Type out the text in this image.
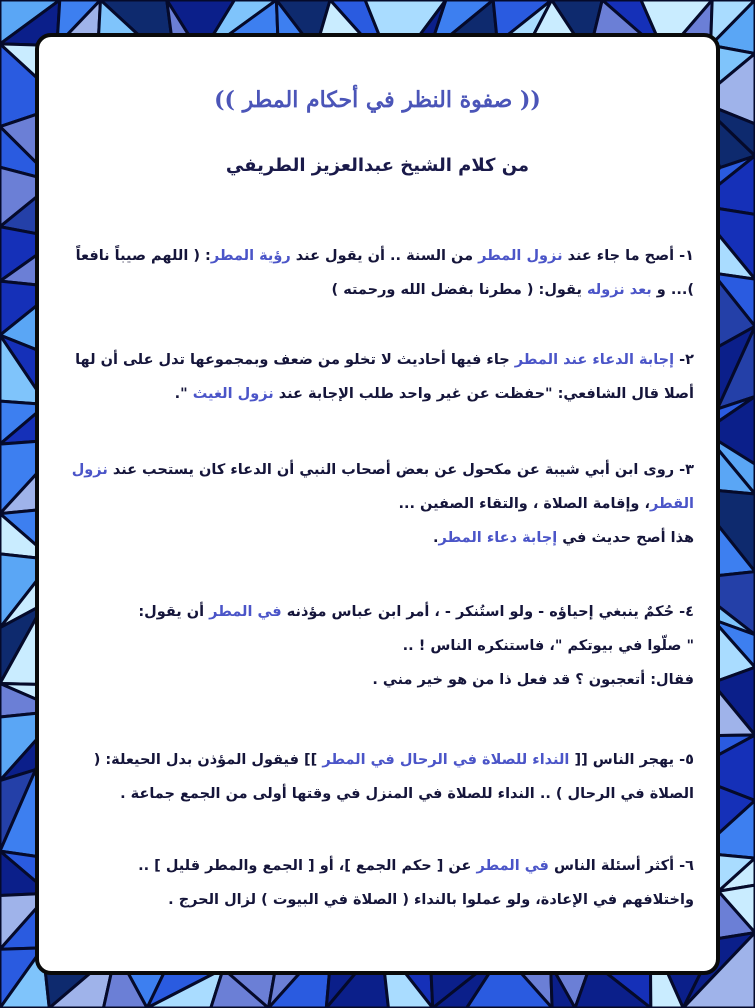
(( صفوة النظر في أحكام المطر ))
من كلام الشيخ عبدالعزيز الطريفي
١- أصح ما جاء عند نزول المطر من السنة .. أن يقول عند رؤية المطر: ( اللهم صيباً نافعاً )... و بعد نزوله يقول: ( مطرنا بفضل الله ورحمته )
٢- إجابة الدعاء عند المطر جاء فيها أحاديث لا تخلو من ضعف وبمجموعها تدل على أن لها أصلا قال الشافعي: "حفظت عن غير واحد طلب الإجابة عند نزول الغيث ".
٣- روى ابن أبي شيبة عن مكحول عن بعض أصحاب النبي أن الدعاء كان يستحب عند نزول القطر، وإقامة الصلاة ، والتقاء الصفين ...
هذا أصح حديث في إجابة دعاء المطر.
٤- حُكمٌ ينبغي إحياؤه - ولو استُنكر - ، أمر ابن عباس مؤذنه في المطر أن يقول:
" صلّوا في بيوتكم "، فاستنكره الناس ! ..
فقال: أتعجبون ؟ قد فعل ذا من هو خير مني .
٥- يهجر الناس [[ النداء للصلاة في الرحال في المطر ]] فيقول المؤذن بدل الحيعلة: ( الصلاة في الرحال ) .. النداء للصلاة في المنزل في وقتها أولى من الجمع جماعة .
٦- أكثر أسئلة الناس في المطر عن [ حكم الجمع ]، أو [ الجمع والمطر قليل ] ..
واختلافهم في الإعادة، ولو عملوا بالنداء ( الصلاة في البيوت ) لزال الحرج .
